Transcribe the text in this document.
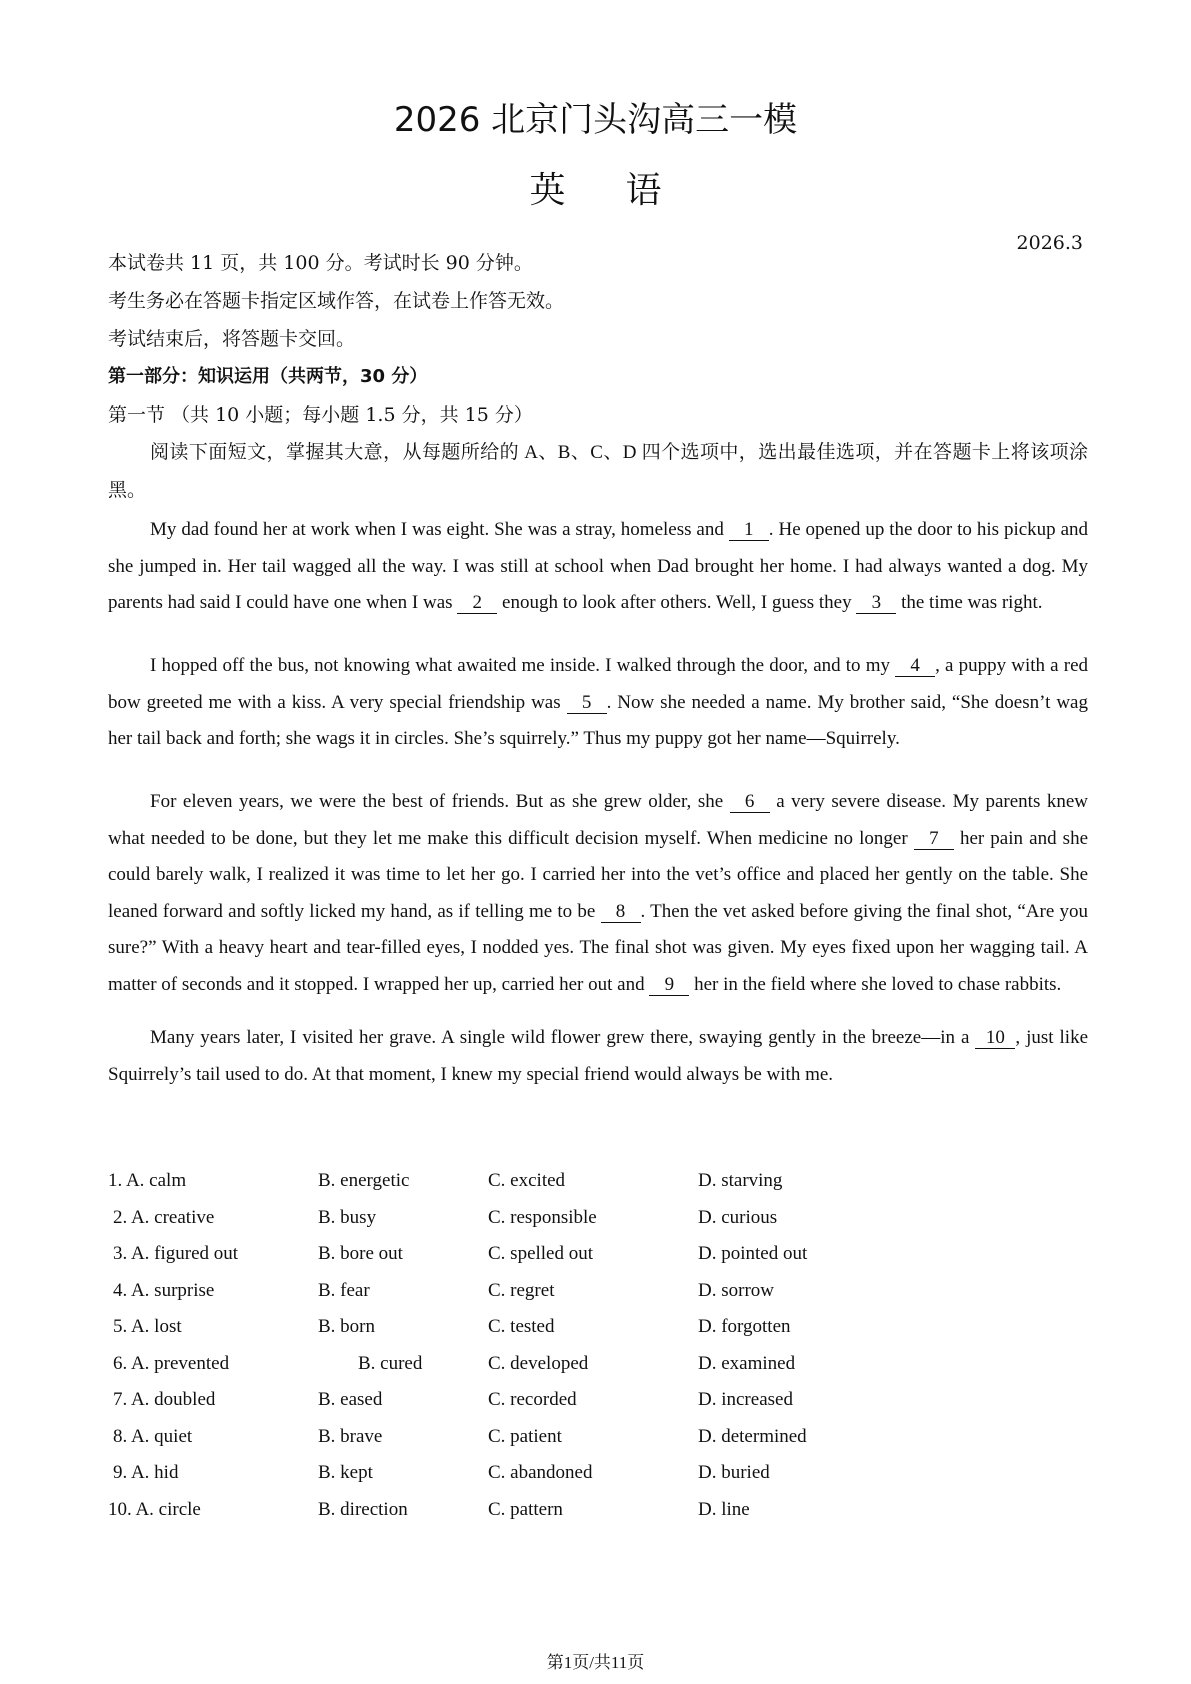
2026 北京门头沟高三一模
英语
2026.3
本试卷共 11 页，共 100 分。考试时长 90 分钟。
考生务必在答题卡指定区域作答，在试卷上作答无效。
考试结束后，将答题卡交回。
第一部分：知识运用（共两节，30 分）
第一节 （共 10 小题；每小题 1.5 分，共 15 分）
阅读下面短文，掌握其大意，从每题所给的 A、B、C、D 四个选项中，选出最佳选项，并在答题卡上将该项涂黑。
My dad found her at work when I was eight. She was a stray, homeless and 1 . He opened up the door to his pickup and she jumped in. Her tail wagged all the way. I was still at school when Dad brought her home. I had always wanted a dog. My parents had said I could have one when I was 2 enough to look after others. Well, I guess they 3 the time was right.
I hopped off the bus, not knowing what awaited me inside. I walked through the door, and to my 4 , a puppy with a red bow greeted me with a kiss. A very special friendship was 5 . Now she needed a name. My brother said, “She doesn’t wag her tail back and forth; she wags it in circles. She’s squirrely.” Thus my puppy got her name—Squirrely.
For eleven years, we were the best of friends. But as she grew older, she 6 a very severe disease. My parents knew what needed to be done, but they let me make this difficult decision myself. When medicine no longer 7 her pain and she could barely walk, I realized it was time to let her go. I carried her into the vet’s office and placed her gently on the table. She leaned forward and softly licked my hand, as if telling me to be 8 . Then the vet asked before giving the final shot, “Are you sure?” With a heavy heart and tear-filled eyes, I nodded yes. The final shot was given. My eyes fixed upon her wagging tail. A matter of seconds and it stopped. I wrapped her up, carried her out and 9 her in the field where she loved to chase rabbits.
Many years later, I visited her grave. A single wild flower grew there, swaying gently in the breeze—in a 10 , just like Squirrely’s tail used to do. At that moment, I knew my special friend would always be with me.
1. A. calm	B. energetic	C. excited	D. starving
2. A. creative	B. busy	C. responsible	D. curious
3. A. figured out	B. bore out	C. spelled out	D. pointed out
4. A. surprise	B. fear	C. regret	D. sorrow
5. A. lost	B. born	C. tested	D. forgotten
6. A. prevented	B. cured	C. developed	D. examined
7. A. doubled	B. eased	C. recorded	D. increased
8. A. quiet	B. brave	C. patient	D. determined
9. A. hid	B. kept	C. abandoned	D. buried
10. A. circle	B. direction	C. pattern	D. line
第1页/共11页
